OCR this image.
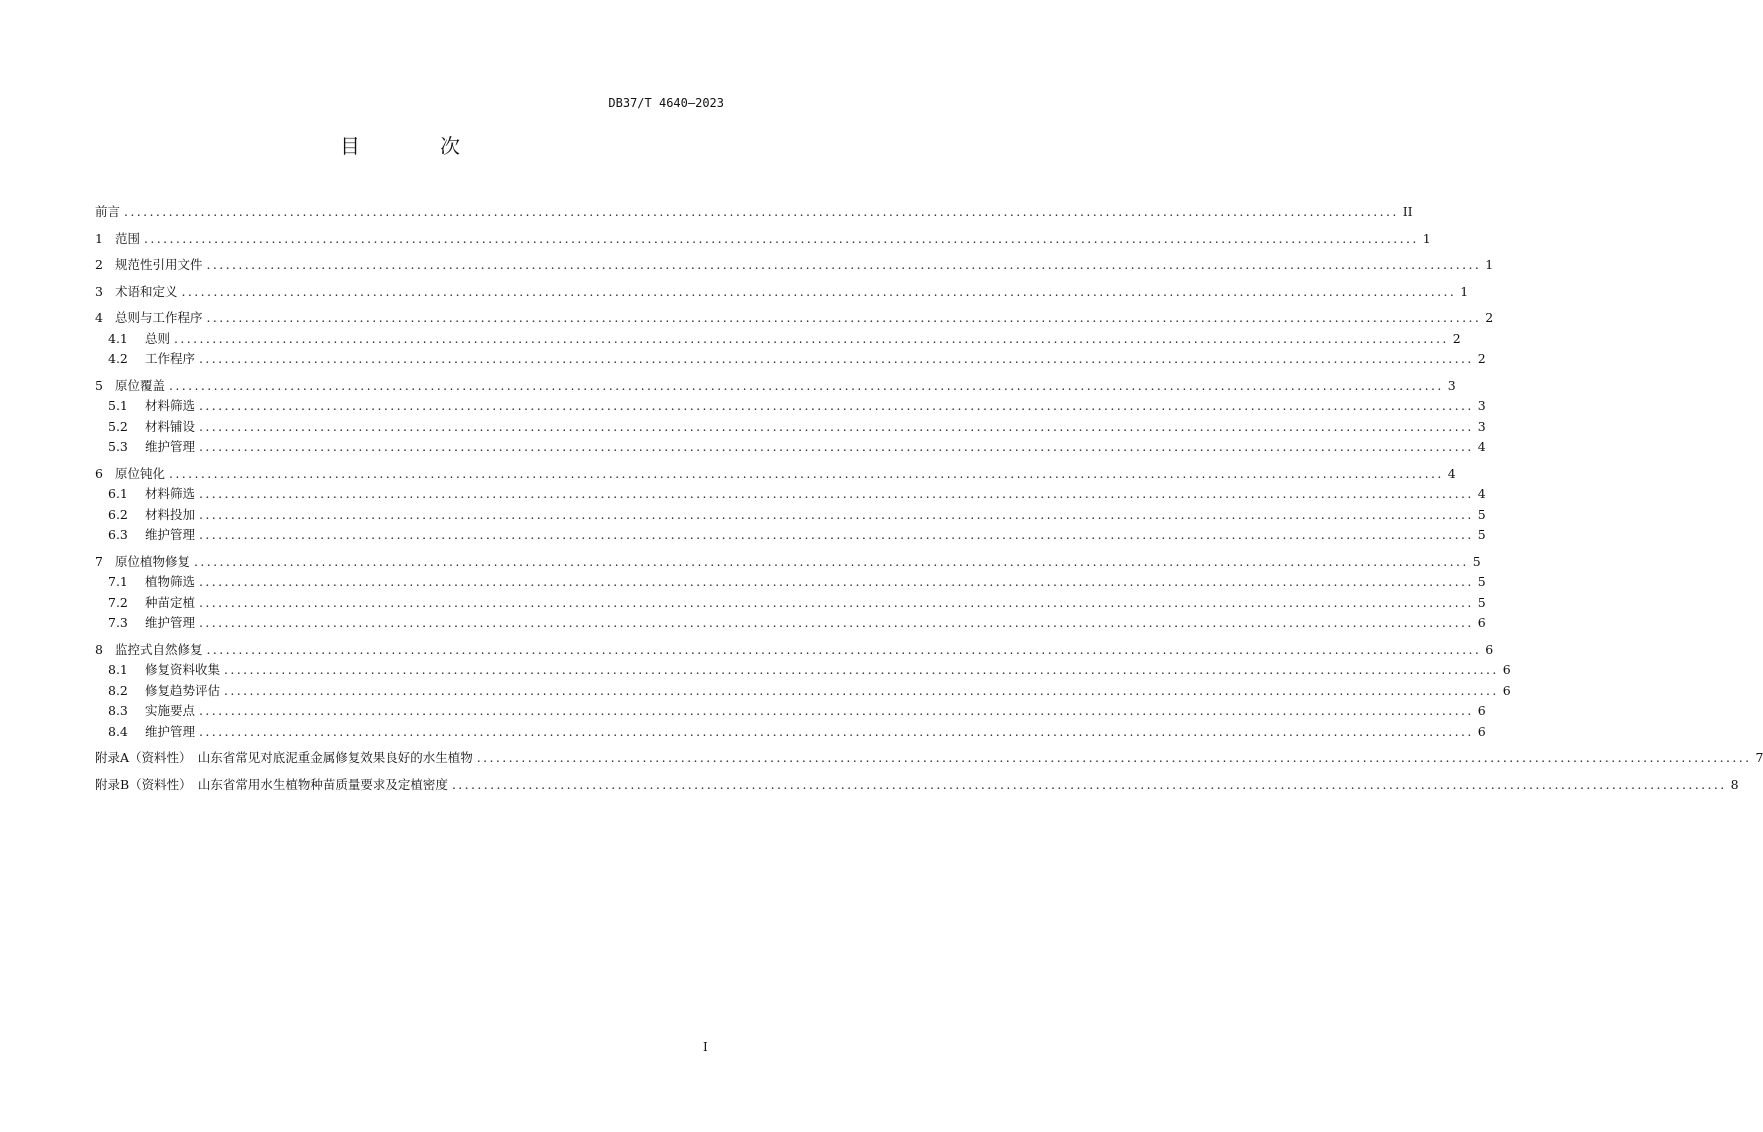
DB37/T 4640—2023
目　次
前言 ........................................................................................................................................................................................................ II
1 范围 ........................................................................................................................................................................................................ 1
2 规范性引用文件 ........................................................................................................................................................................................................ 1
3 术语和定义 ........................................................................................................................................................................................................ 1
4 总则与工作程序 ........................................................................................................................................................................................................ 2
4.1	总则 ........................................................................................................................................................................................................ 2
4.2	工作程序 ........................................................................................................................................................................................................ 2
5 原位覆盖 ........................................................................................................................................................................................................ 3
5.1	材料筛选 ........................................................................................................................................................................................................ 3
5.2	材料铺设 ........................................................................................................................................................................................................ 3
5.3	维护管理 ........................................................................................................................................................................................................ 4
6 原位钝化 ........................................................................................................................................................................................................ 4
6.1	材料筛选 ........................................................................................................................................................................................................ 4
6.2	材料投加 ........................................................................................................................................................................................................ 5
6.3	维护管理 ........................................................................................................................................................................................................ 5
7 原位植物修复 ........................................................................................................................................................................................................ 5
7.1	植物筛选 ........................................................................................................................................................................................................ 5
7.2	种苗定植 ........................................................................................................................................................................................................ 5
7.3	维护管理 ........................................................................................................................................................................................................ 6
8 监控式自然修复 ........................................................................................................................................................................................................ 6
8.1	修复资料收集 ........................................................................................................................................................................................................ 6
8.2	修复趋势评估 ........................................................................................................................................................................................................ 6
8.3	实施要点 ........................................................................................................................................................................................................ 6
8.4	维护管理 ........................................................................................................................................................................................................ 6
附录A（资料性）　山东省常见对底泥重金属修复效果良好的水生植物 ........................................................................................................................................................................................................ 7
附录B（资料性）　山东省常用水生植物种苗质量要求及定植密度 ........................................................................................................................................................................................................ 8
I
